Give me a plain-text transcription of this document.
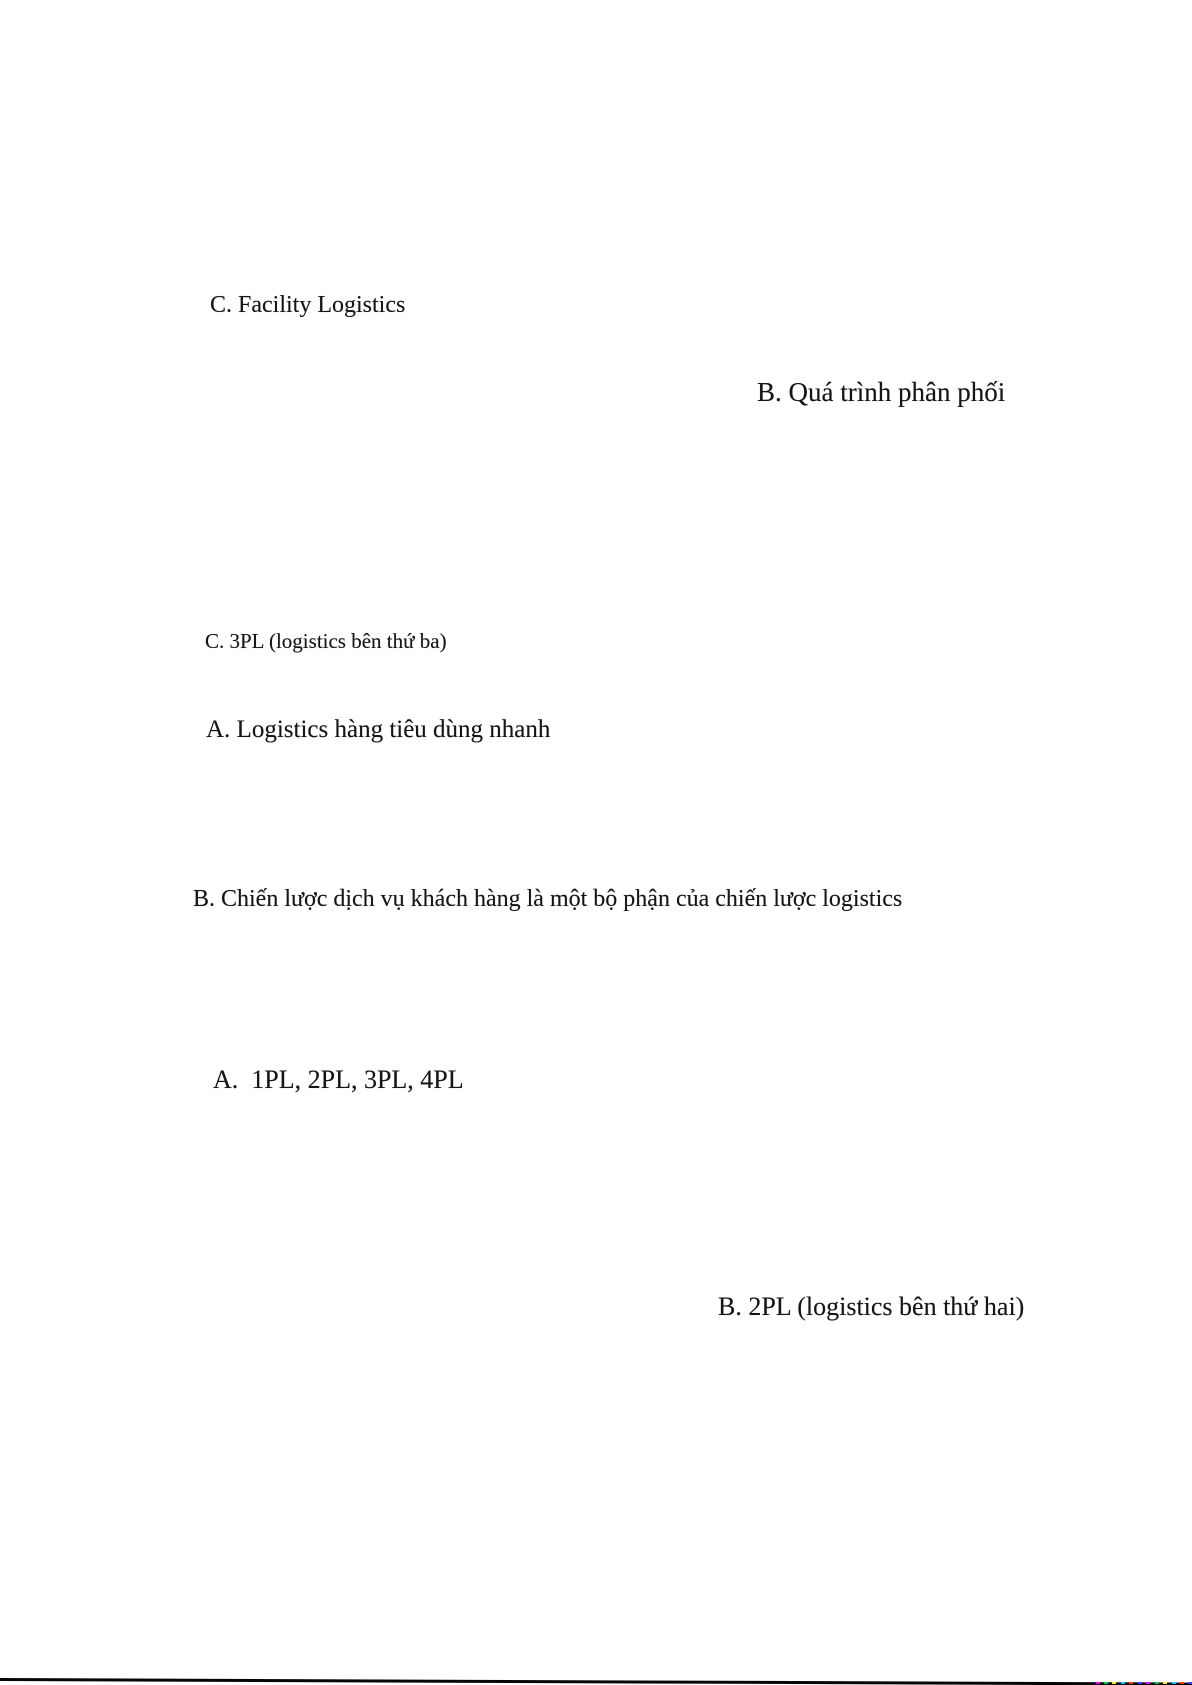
C. Facility Logistics
B. Quá trình phân phối
C. 3PL (logistics bên thứ ba)
A. Logistics hàng tiêu dùng nhanh
B. Chiến lược dịch vụ khách hàng là một bộ phận của chiến lược logistics
A.  1PL, 2PL, 3PL, 4PL
B. 2PL (logistics bên thứ hai)
